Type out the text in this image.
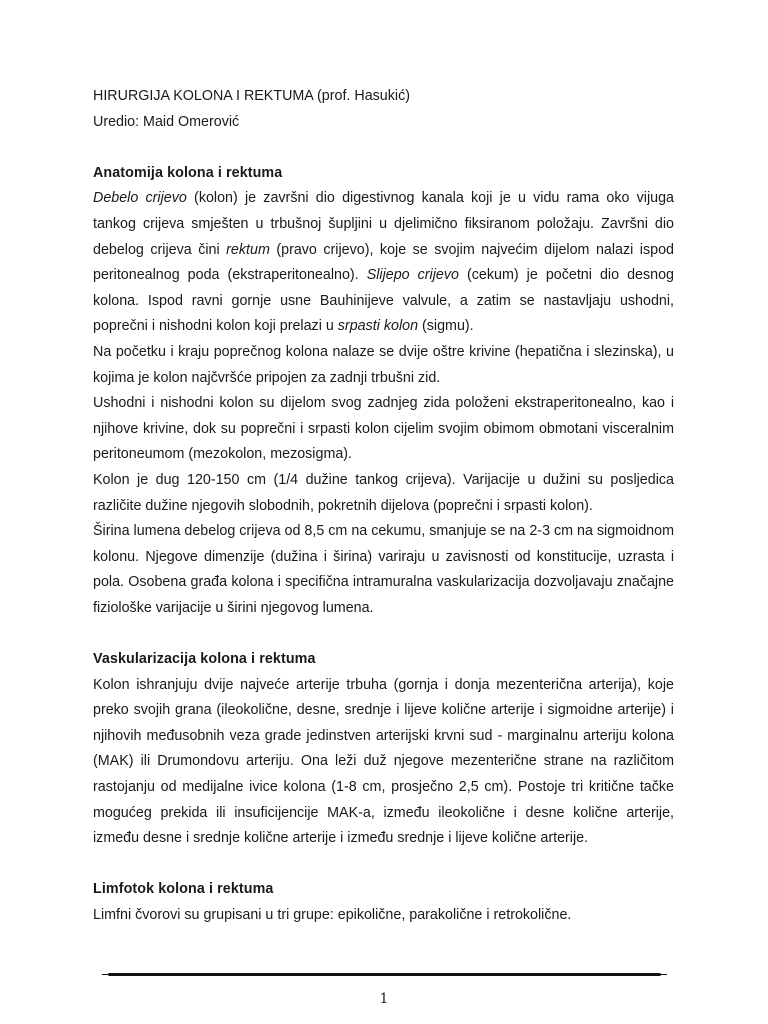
HIRURGIJA KOLONA I REKTUMA (prof. Hasukić)

Uredio: Maid Omerović

Anatomija kolona i rektuma

Debelo crijevo (kolon) je završni dio digestivnog kanala koji je u vidu rama oko vijuga tankog crijeva smješten u trbušnoj šupljini u djelimično fiksiranom položaju. Završni dio debelog crijeva čini rektum (pravo crijevo), koje se svojim najvećim dijelom nalazi ispod peritonealnog poda (ekstraperitonealno). Slijepo crijevo (cekum) je početni dio desnog kolona. Ispod ravni gornje usne Bauhinijeve valvule, a zatim se nastavljaju ushodni, poprečni i nishodni kolon koji prelazi u srpasti kolon (sigmu).

Na početku i kraju poprečnog kolona nalaze se dvije oštre krivine (hepatična i slezinska), u kojima je kolon najčvršće pripojen za zadnji trbušni zid.

Ushodni i nishodni kolon su dijelom svog zadnjeg zida položeni ekstraperitonealno, kao i njihove krivine, dok su poprečni i srpasti kolon cijelim svojim obimom obmotani visceralnim peritoneumom (mezokolon, mezosigma).

Kolon je dug 120-150 cm (1/4 dužine tankog crijeva). Varijacije u dužini su posljedica različite dužine njegovih slobodnih, pokretnih dijelova (poprečni i srpasti kolon).

Širina lumena debelog crijeva od 8,5 cm na cekumu, smanjuje se na 2-3 cm na sigmoidnom kolonu. Njegove dimenzije (dužina i širina) variraju u zavisnosti od konstitucije, uzrasta i pola. Osobena građa kolona i specifična intramuralna vaskularizacija dozvoljavaju značajne fiziološke varijacije u širini njegovog lumena.

Vaskularizacija kolona i rektuma

Kolon ishranjuju dvije najveće arterije trbuha (gornja i donja mezenterična arterija), koje preko svojih grana (ileokolične, desne, srednje i lijeve količne arterije i sigmoidne arterije) i njihovih međusobnih veza grade jedinstven arterijski krvni sud - marginalnu arteriju kolona (MAK) ili Drumondovu arteriju. Ona leži duž njegove mezenterične strane na različitom rastojanju od medijalne ivice kolona (1-8 cm, prosječno 2,5 cm). Postoje tri kritične tačke mogućeg prekida ili insuficijencije MAK-a, između ileokolične i desne količne arterije, između desne i srednje količne arterije i između srednje i lijeve količne arterije.

Limfotok kolona i rektuma

Limfni čvorovi su grupisani u tri grupe: epikolične, parakolične i retrokolične.

1
